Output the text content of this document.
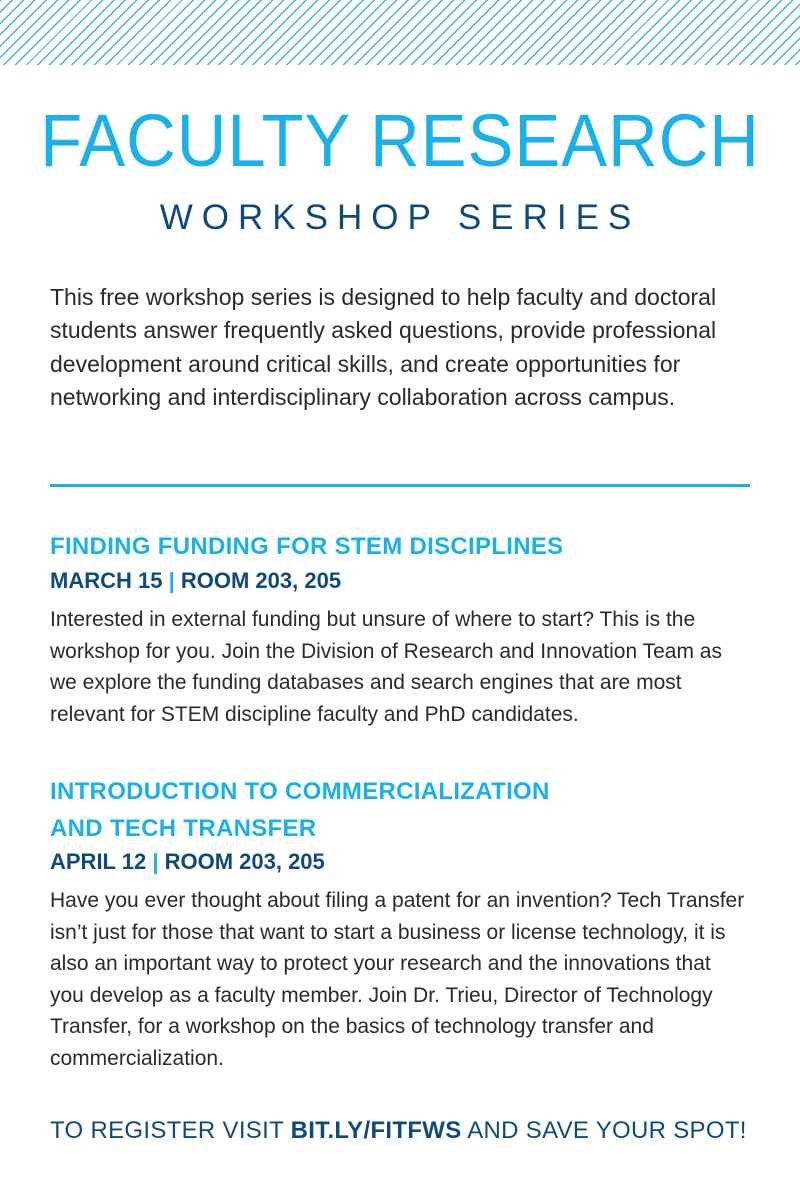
FACULTY RESEARCH
WORKSHOP SERIES
This free workshop series is designed to help faculty and doctoral students answer frequently asked questions, provide professional development around critical skills, and create opportunities for networking and interdisciplinary collaboration across campus.
FINDING FUNDING FOR STEM DISCIPLINES
MARCH 15 | ROOM 203, 205
Interested in external funding but unsure of where to start? This is the workshop for you. Join the Division of Research and Innovation Team as we explore the funding databases and search engines that are most relevant for STEM discipline faculty and PhD candidates.
INTRODUCTION TO COMMERCIALIZATION
AND TECH TRANSFER
APRIL 12 | ROOM 203, 205
Have you ever thought about filing a patent for an invention? Tech Transfer isn’t just for those that want to start a business or license technology, it is also an important way to protect your research and the innovations that you develop as a faculty member. Join Dr. Trieu, Director of Technology Transfer, for a workshop on the basics of technology transfer and commercialization.
TO REGISTER VISIT BIT.LY/FITFWS AND SAVE YOUR SPOT!
